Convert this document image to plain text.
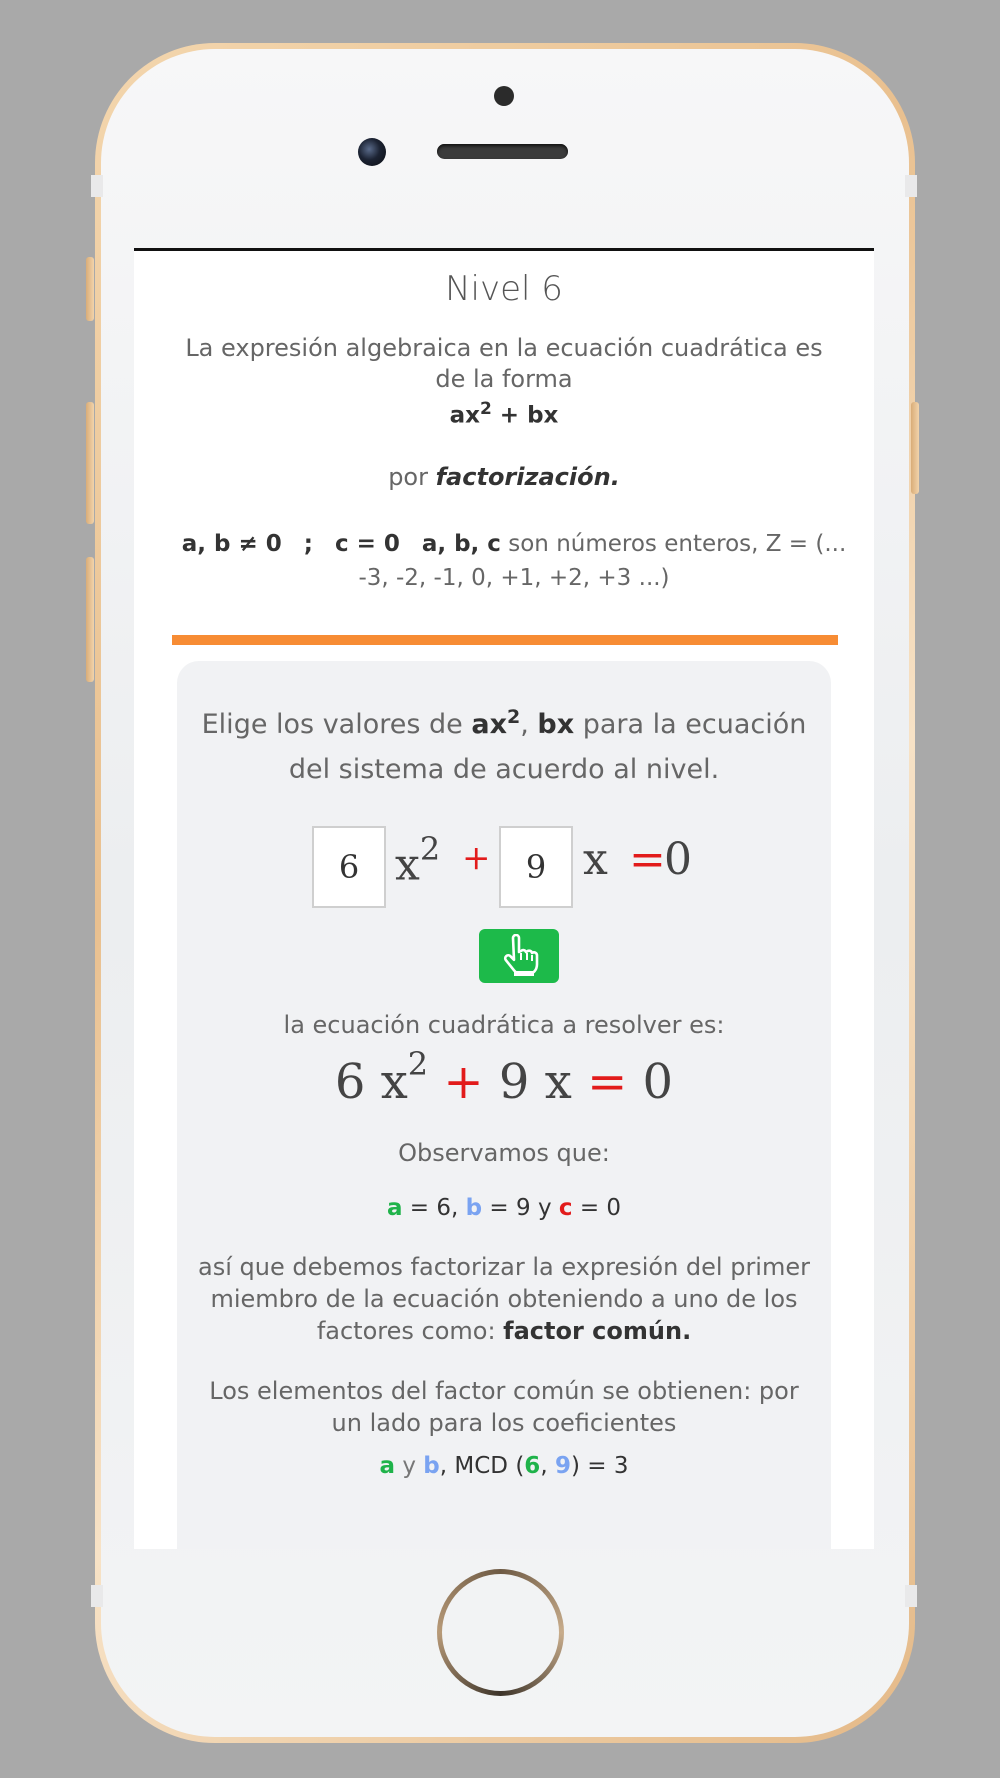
Nivel 6
La expresión algebraica en la ecuación cuadrática es de la forma
$ax^2$ + bx
por factorización.
a, b ≠ 0 ; c = 0 a, b, c son números enteros, Z = (... -3, -2, -1, 0, +1, +2, +3 ...)
Elige los valores de $ax^2$, bx para la ecuación del sistema de acuerdo al nivel.
6 $x^2$ +	9 x =
0
la ecuación cuadrática a resolver es:
6 $x^2 + 9$ x = 0
Observamos que:
a = 6, b = 9 y c = 0
así que debemos factorizar la expresión del primer miembro de la ecuación obteniendo a uno de los factores como: factor común.
Los elementos del factor común se obtienen: por un lado para los coeficientes
a y b, MCD (6, 9) = 3
